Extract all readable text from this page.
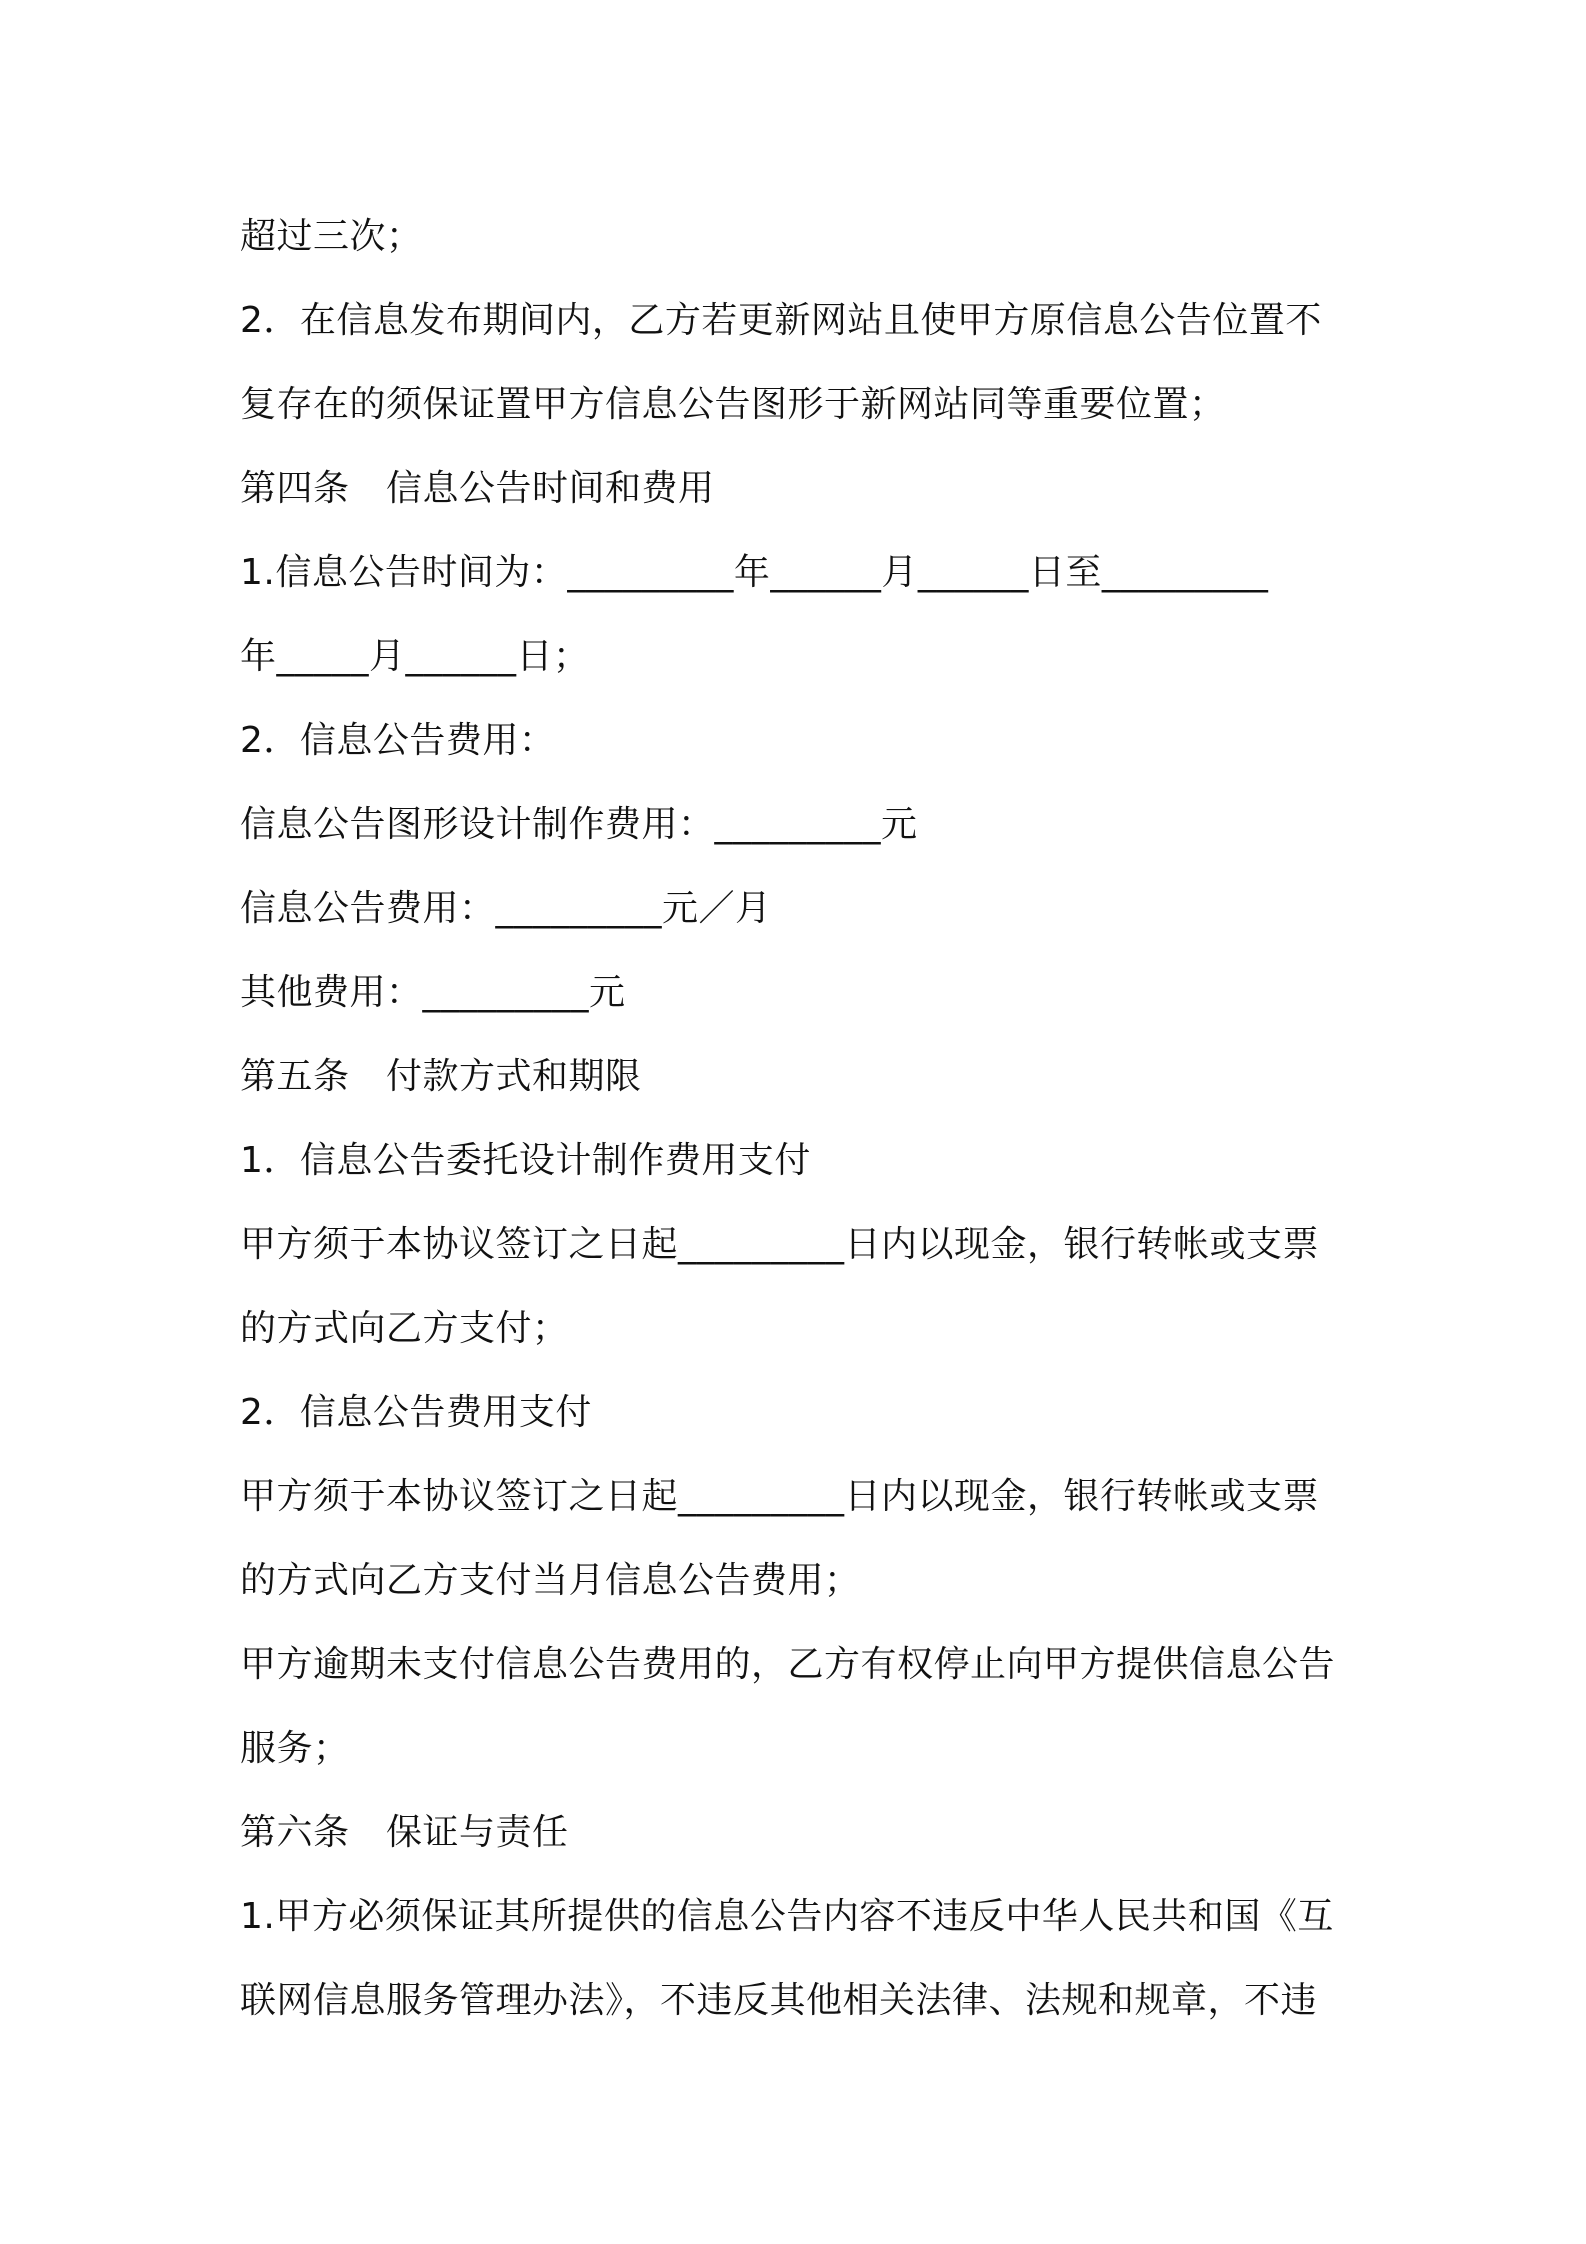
超过三次；
2．在信息发布期间内，乙方若更新网站且使甲方原信息公告位置不
复存在的须保证置甲方信息公告图形于新网站同等重要位置；
第四条　信息公告时间和费用
1.信息公告时间为：_________年______月______日至_________
年_____月______日；
2．信息公告费用：
信息公告图形设计制作费用：_________元
信息公告费用：_________元／月
其他费用：_________元
第五条　付款方式和期限
1．信息公告委托设计制作费用支付
甲方须于本协议签订之日起_________日内以现金，银行转帐或支票
的方式向乙方支付；
2．信息公告费用支付
甲方须于本协议签订之日起_________日内以现金，银行转帐或支票
的方式向乙方支付当月信息公告费用；
甲方逾期未支付信息公告费用的，乙方有权停止向甲方提供信息公告
服务；
第六条　保证与责任
1.甲方必须保证其所提供的信息公告内容不违反中华人民共和国《互
联网信息服务管理办法》，不违反其他相关法律、法规和规章，不违
